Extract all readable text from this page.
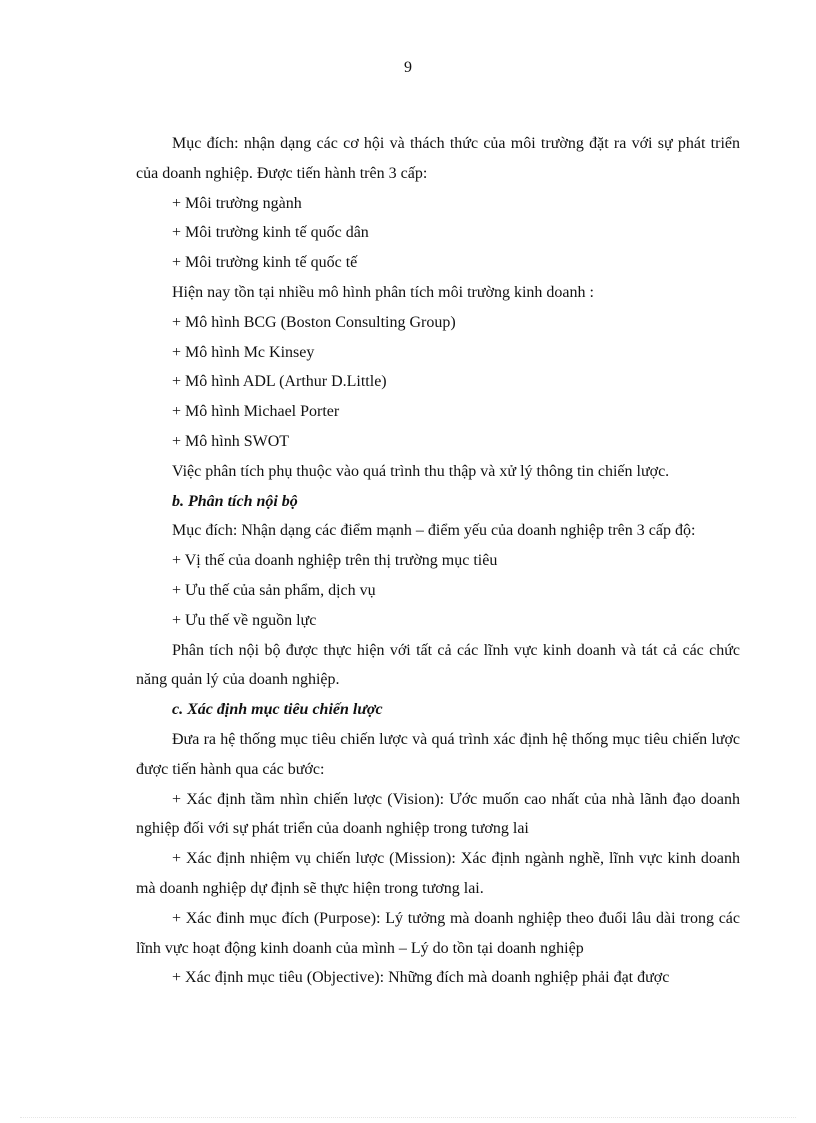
9

Mục đích: nhận dạng các cơ hội và thách thức của môi trường đặt ra với sự phát triển của doanh nghiệp. Được tiến hành trên 3 cấp:

+ Môi trường ngành

+ Môi trường kinh tế quốc dân

+ Môi trường kinh tế quốc tế

Hiện nay tồn tại nhiều mô hình phân tích môi trường kinh doanh :

+ Mô hình BCG (Boston Consulting Group)

+ Mô hình Mc Kinsey

+ Mô hình ADL (Arthur D.Little)

+ Mô hình Michael Porter

+ Mô hình SWOT

Việc phân tích phụ thuộc vào quá trình thu thập và xử lý thông tin chiến lược.

b. Phân tích nội bộ

Mục đích: Nhận dạng các điểm mạnh – điểm yếu của doanh nghiệp trên 3 cấp độ:

+ Vị thế của doanh nghiệp trên thị trường mục tiêu

+ Ưu thế của sản phẩm, dịch vụ

+ Ưu thế về nguồn lực

Phân tích nội bộ được thực hiện với tất cả các lĩnh vực kinh doanh và tát cả các chức năng quản lý của doanh nghiệp.

c. Xác định mục tiêu chiến lược

Đưa ra hệ thống mục tiêu chiến lược và quá trình xác định hệ thống mục tiêu chiến lược được tiến hành qua các bước:

+ Xác định tầm nhìn chiến lược (Vision): Ước muốn cao nhất của nhà lãnh đạo doanh nghiệp đối với sự phát triển của doanh nghiệp trong tương lai

+ Xác định nhiệm vụ chiến lược (Mission): Xác định ngành nghề, lĩnh vực kinh doanh mà doanh nghiệp dự định sẽ thực hiện trong tương lai.

+ Xác đinh mục đích (Purpose): Lý tưởng mà doanh nghiệp theo đuổi lâu dài trong các lĩnh vực hoạt động kinh doanh của mình – Lý do tồn tại doanh nghiệp

+ Xác định mục tiêu (Objective): Những đích mà doanh nghiệp phải đạt được
